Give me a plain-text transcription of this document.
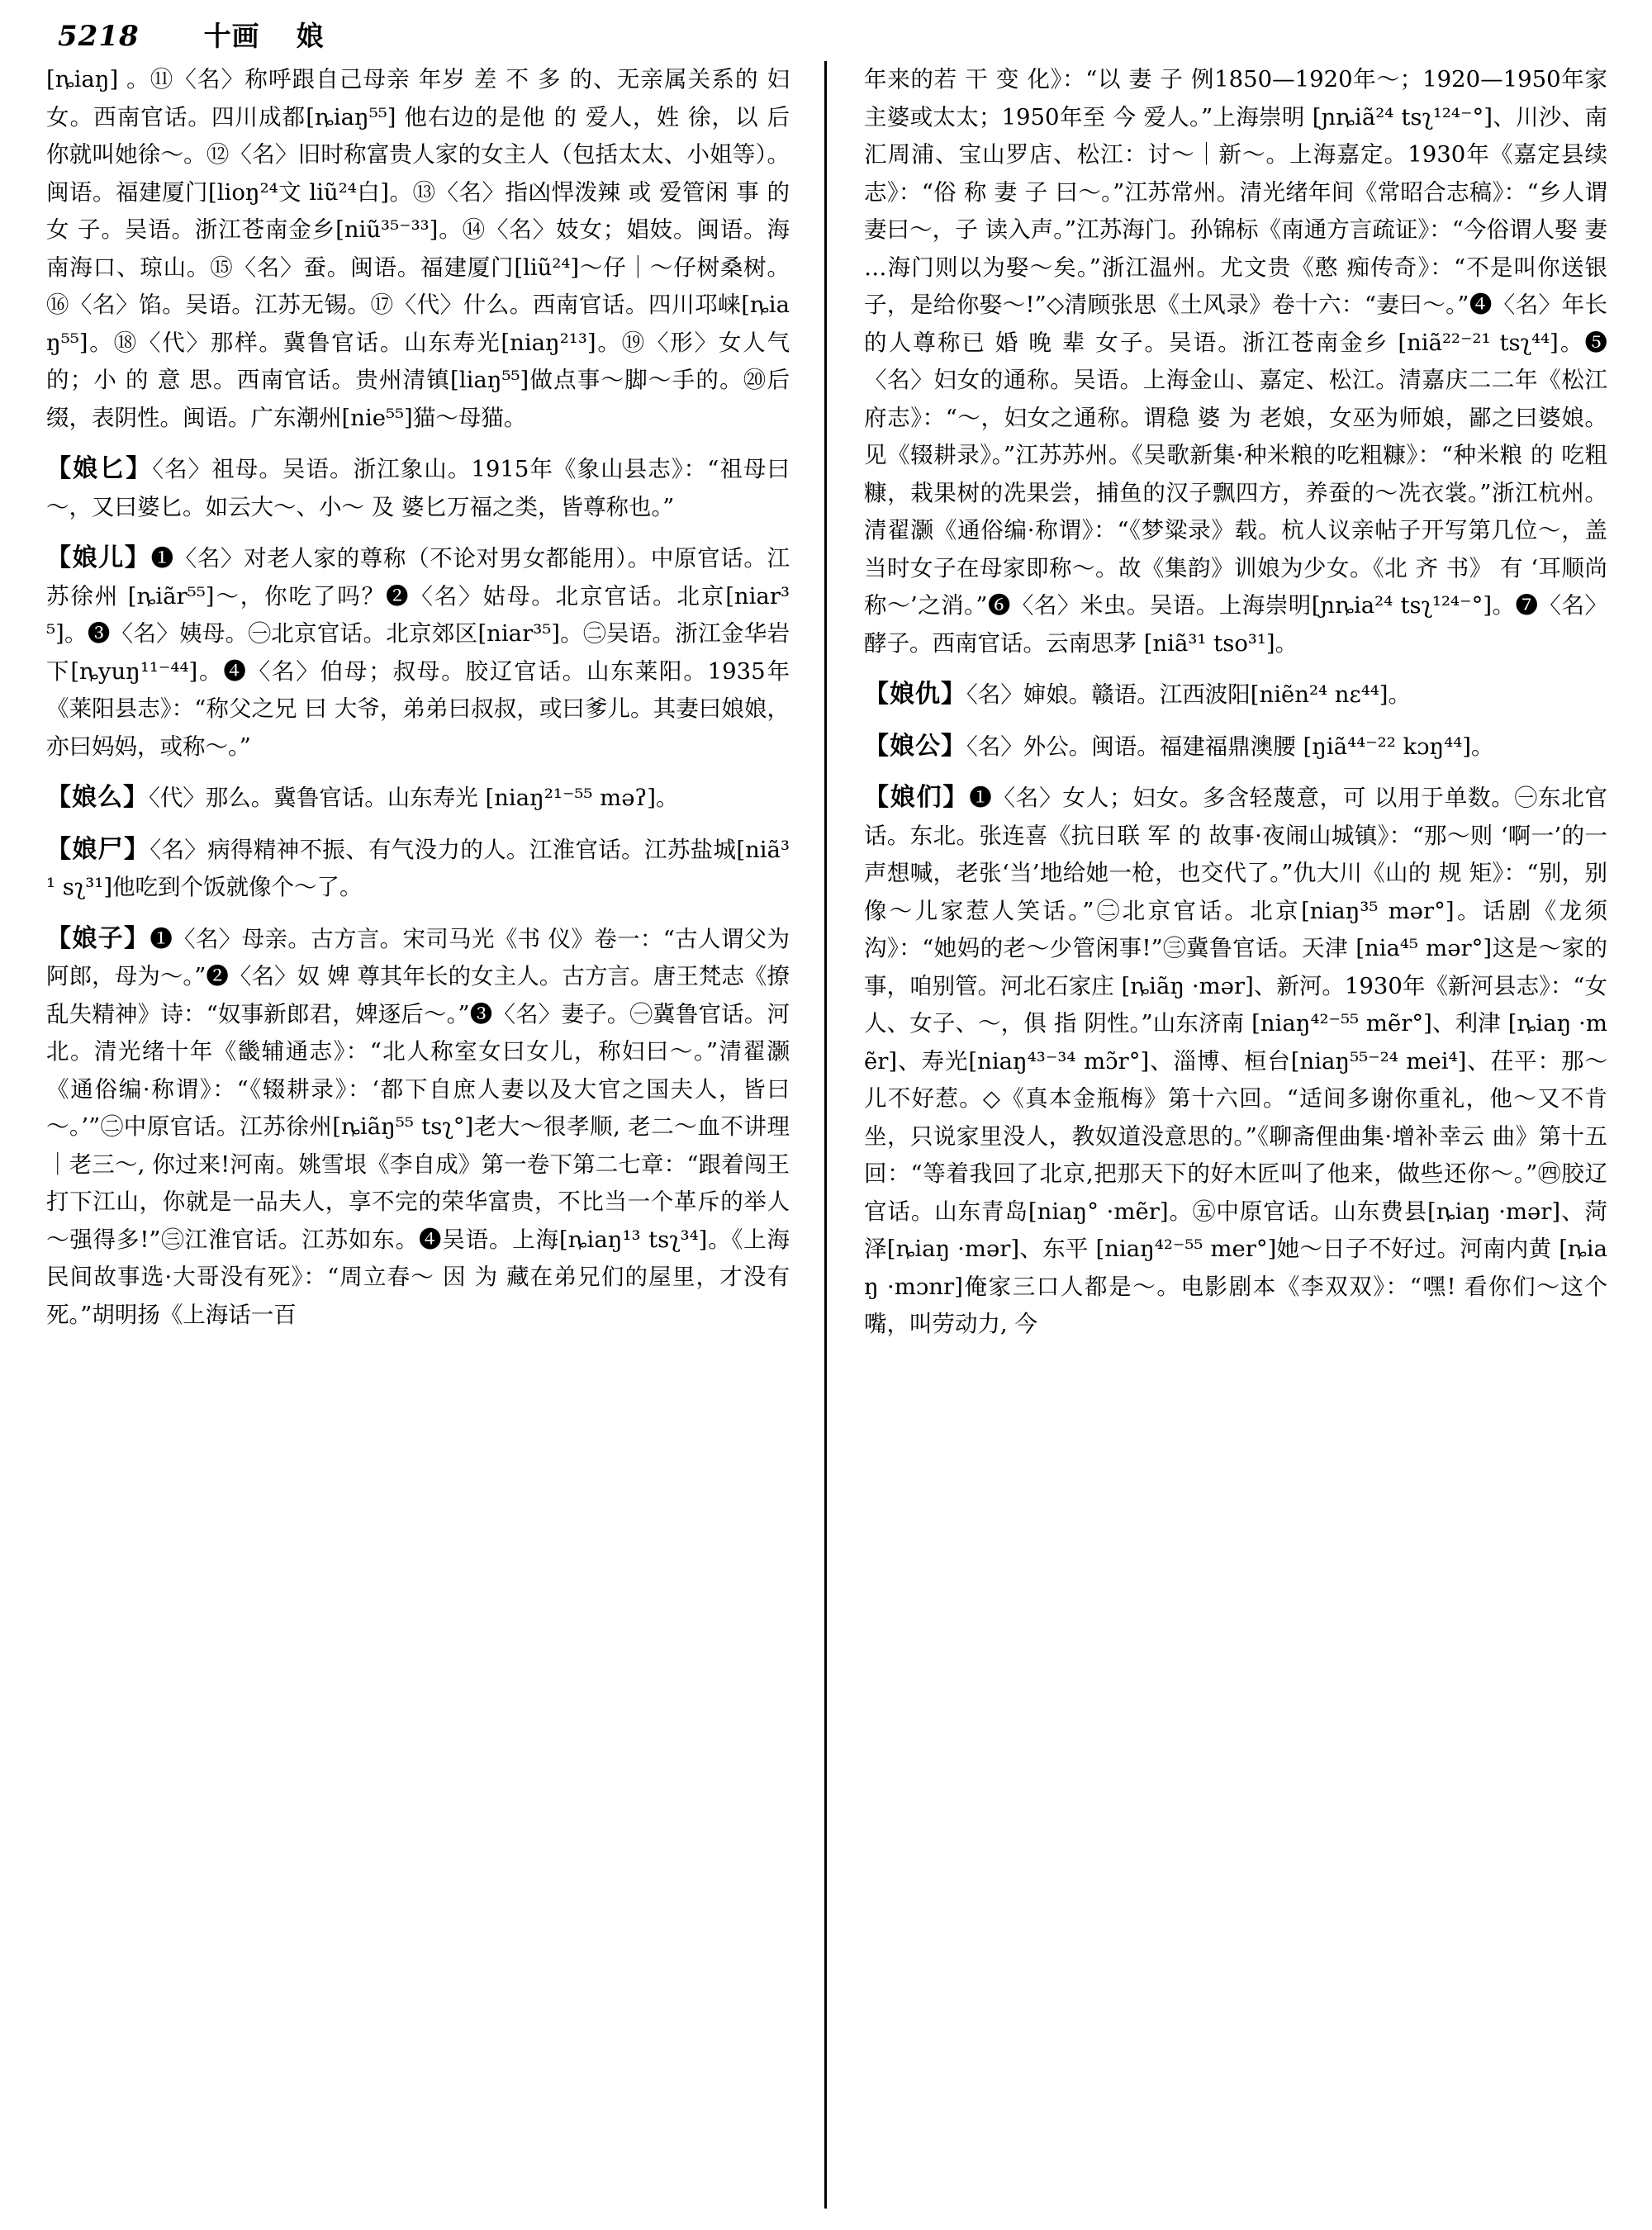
5218 十画 娘

[ȵiaŋ] 。⑪〈名〉称呼跟自己母亲 年岁 差 不 多 的、无亲属关系的 妇 女。西南官话。四川成都[ȵiaŋ⁵⁵] 他右边的是他 的 爱人，姓 徐，以 后 你就叫她徐～。⑫〈名〉旧时称富贵人家的女主人（包括太太、小姐等）。闽语。福建厦门[lioŋ²⁴文 liũ²⁴白]。⑬〈名〉指凶悍泼辣 或 爱管闲 事 的 女 子。吴语。浙江苍南金乡[niũ³⁵⁻³³]。⑭〈名〉妓女；娼妓。闽语。海南海口、琼山。⑮〈名〉蚕。闽语。福建厦门[liũ²⁴]～仔｜～仔树桑树。⑯〈名〉馅。吴语。江苏无锡。⑰〈代〉什么。西南官话。四川邛崃[ȵiaŋ⁵⁵]。⑱〈代〉那样。冀鲁官话。山东寿光[niaŋ²¹³]。⑲〈形〉女人气的；小 的 意 思。西南官话。贵州清镇[liaŋ⁵⁵]做点事～脚～手的。⑳后缀，表阴性。闽语。广东潮州[nie⁵⁵]猫～母猫。

【娘匕】〈名〉祖母。吴语。浙江象山。1915年《象山县志》：“祖母曰～，又曰婆匕。如云大～、小～ 及 婆匕万福之类，皆尊称也。”

【娘儿】❶〈名〉对老人家的尊称（不论对男女都能用）。中原官话。江苏徐州 [ȵiãr⁵⁵]～，你吃了吗？❷〈名〉姑母。北京官话。北京[niar³⁵]。❸〈名〉姨母。㊀北京官话。北京郊区[niar³⁵]。㊁吴语。浙江金华岩下[ȵyuŋ¹¹⁻⁴⁴]。❹〈名〉伯母；叔母。胶辽官话。山东莱阳。1935年《莱阳县志》：“称父之兄 曰 大爷，弟弟曰叔叔，或曰爹儿。其妻曰娘娘，亦曰妈妈，或称～。”

【娘么】〈代〉那么。冀鲁官话。山东寿光 [niaŋ²¹⁻⁵⁵ məʔ]。

【娘尸】〈名〉病得精神不振、有气没力的人。江淮官话。江苏盐城[niã³¹ sʅ³¹]他吃到个饭就像个～了。

【娘子】❶〈名〉母亲。古方言。宋司马光《书 仪》卷一：“古人谓父为阿郎，母为～。”❷〈名〉奴 婢 尊其年长的女主人。古方言。唐王梵志《撩乱失精神》诗：“奴事新郎君，婢逐后～。”❸〈名〉妻子。㊀冀鲁官话。河北。清光绪十年《畿辅通志》：“北人称室女曰女儿，称妇曰～。”清翟灏《通俗编·称谓》：“《辍耕录》：‘都下自庶人妻以及大官之国夫人，皆曰～。’”㊁中原官话。江苏徐州[ȵiãŋ⁵⁵ tsʅ°]老大～很孝顺, 老二～血不讲理｜老三～, 你过来!河南。姚雪垠《李自成》第一卷下第二七章：“跟着闯王打下江山，你就是一品夫人，享不完的荣华富贵，不比当一个革斥的举人～强得多!”㊂江淮官话。江苏如东。❹吴语。上海[ȵiaŋ¹³ tsʅ³⁴]。《上海 民间故事选·大哥没有死》：“周立春～ 因 为 藏在弟兄们的屋里，才没有死。”胡明扬《上海话一百

年来的若 干 变 化》：“以 妻 子 例1850—1920年～；1920—1950年家主婆或太太；1950年至 今 爱人。”上海崇明 [ɲȵiã²⁴ tsʅ¹²⁴⁻°]、川沙、南汇周浦、宝山罗店、松江：讨～｜新～。上海嘉定。1930年《嘉定县续志》：“俗 称 妻 子 曰～。”江苏常州。清光绪年间《常昭合志稿》：“乡人谓妻曰～，子 读入声。”江苏海门。孙锦标《南通方言疏证》：“今俗谓人娶 妻 …海门则以为娶～矣。”浙江温州。尤文贵《憨 痴传奇》：“不是叫你送银子，是给你娶～!”◇清顾张思《土风录》卷十六：“妻曰～。”❹〈名〉年长的人尊称已 婚 晚 辈 女子。吴语。浙江苍南金乡 [niã²²⁻²¹ tsʅ⁴⁴]。❺〈名〉妇女的通称。吴语。上海金山、嘉定、松江。清嘉庆二二年《松江府志》：“～，妇女之通称。谓稳 婆 为 老娘，女巫为师娘，鄙之曰婆娘。见《辍耕录》。”江苏苏州。《吴歌新集·种米粮的吃粗糠》：“种米粮 的 吃粗糠，栽果树的冼果尝，捕鱼的汉子飘四方，养蚕的～冼衣裳。”浙江杭州。清翟灏《通俗编·称谓》：“《梦粱录》载。杭人议亲帖子开写第几位～，盖当时女子在母家即称～。故《集韵》训娘为少女。《北 齐 书》 有 ‘耳顺尚称～’之消。”❻〈名〉米虫。吴语。上海崇明[ɲȵia²⁴ tsʅ¹²⁴⁻°]。❼〈名〉酵子。西南官话。云南思茅 [niã³¹ tso³¹]。

【娘仇】〈名〉婶娘。赣语。江西波阳[niẽn²⁴ nɛ⁴⁴]。

【娘公】〈名〉外公。闽语。福建福鼎澳腰 [ŋiã⁴⁴⁻²² kɔŋ⁴⁴]。

【娘们】❶〈名〉女人；妇女。多含轻蔑意，可 以用于单数。㊀东北官话。东北。张连喜《抗日联 军 的 故事·夜闹山城镇》：“那～则 ‘啊一’的一声想喊，老张‘当’地给她一枪，也交代了。”仇大川《山的 规 矩》：“别，别像～儿家惹人笑话。”㊁北京官话。北京[niaŋ³⁵ mər°]。话剧《龙须沟》：“她妈的老～少管闲事!”㊂冀鲁官话。天津 [nia⁴⁵ mər°]这是～家的事，咱别管。河北石家庄 [ȵiãŋ ·mər]、新河。1930年《新河县志》：“女人、女子、～，俱 指 阴性。”山东济南 [niaŋ⁴²⁻⁵⁵ mẽr°]、利津 [ȵiaŋ ·mẽr]、寿光[niaŋ⁴³⁻³⁴ mɔ̃r°]、淄博、桓台[niaŋ⁵⁵⁻²⁴ mei⁴]、茌平：那～儿不好惹。◇《真本金瓶梅》第十六回。“适间多谢你重礼，他～又不肯坐，只说家里没人，教奴道没意思的。”《聊斋俚曲集·增补幸云 曲》第十五回：“等着我回了北京,把那天下的好木匠叫了他来，做些还你～。”㊃胶辽官话。山东青岛[niaŋ° ·mẽr]。㊄中原官话。山东费县[ȵiaŋ ·mər]、菏泽[ȵiaŋ ·mər]、东平 [niaŋ⁴²⁻⁵⁵ mer°]她～日子不好过。河南内黄 [ȵiaŋ ·mɔnr]俺家三口人都是～。电影剧本《李双双》：“嘿! 看你们～这个嘴，叫劳动力, 今
